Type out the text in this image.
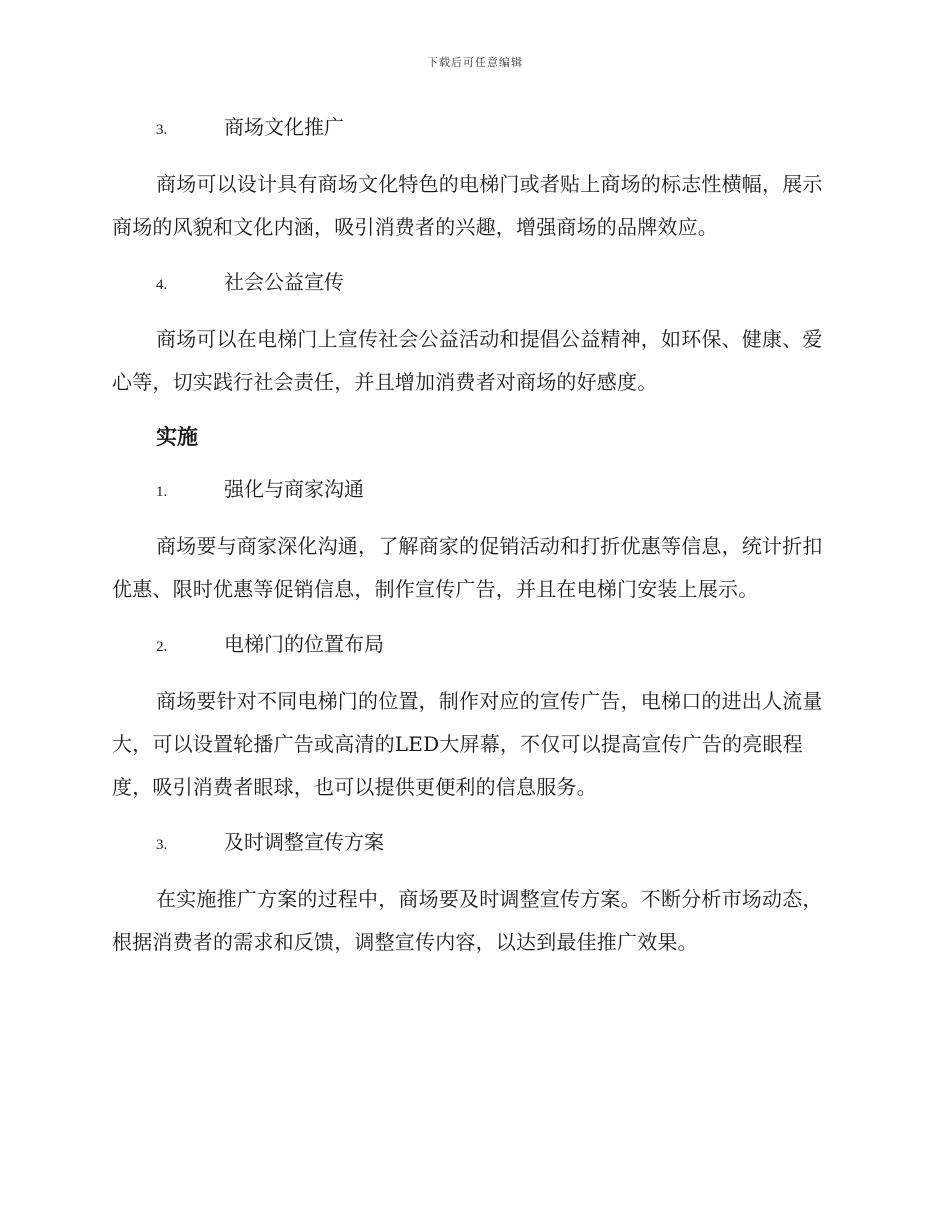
下载后可任意编辑
3.	商场文化推广

商场可以设计具有商场文化特色的电梯门或者贴上商场的标志性横幅，展示商场的风貌和文化内涵，吸引消费者的兴趣，增强商场的品牌效应。

4.	社会公益宣传

商场可以在电梯门上宣传社会公益活动和提倡公益精神，如环保、健康、爱心等，切实践行社会责任，并且增加消费者对商场的好感度。

实施
1.	强化与商家沟通

商场要与商家深化沟通，了解商家的促销活动和打折优惠等信息，统计折扣优惠、限时优惠等促销信息，制作宣传广告，并且在电梯门安装上展示。

2.	电梯门的位置布局

商场要针对不同电梯门的位置，制作对应的宣传广告，电梯口的进出人流量大，可以设置轮播广告或高清的LED大屏幕，不仅可以提高宣传广告的亮眼程度，吸引消费者眼球，也可以提供更便利的信息服务。

3.	及时调整宣传方案

在实施推广方案的过程中，商场要及时调整宣传方案。不断分析市场动态，根据消费者的需求和反馈，调整宣传内容，以达到最佳推广效果。
